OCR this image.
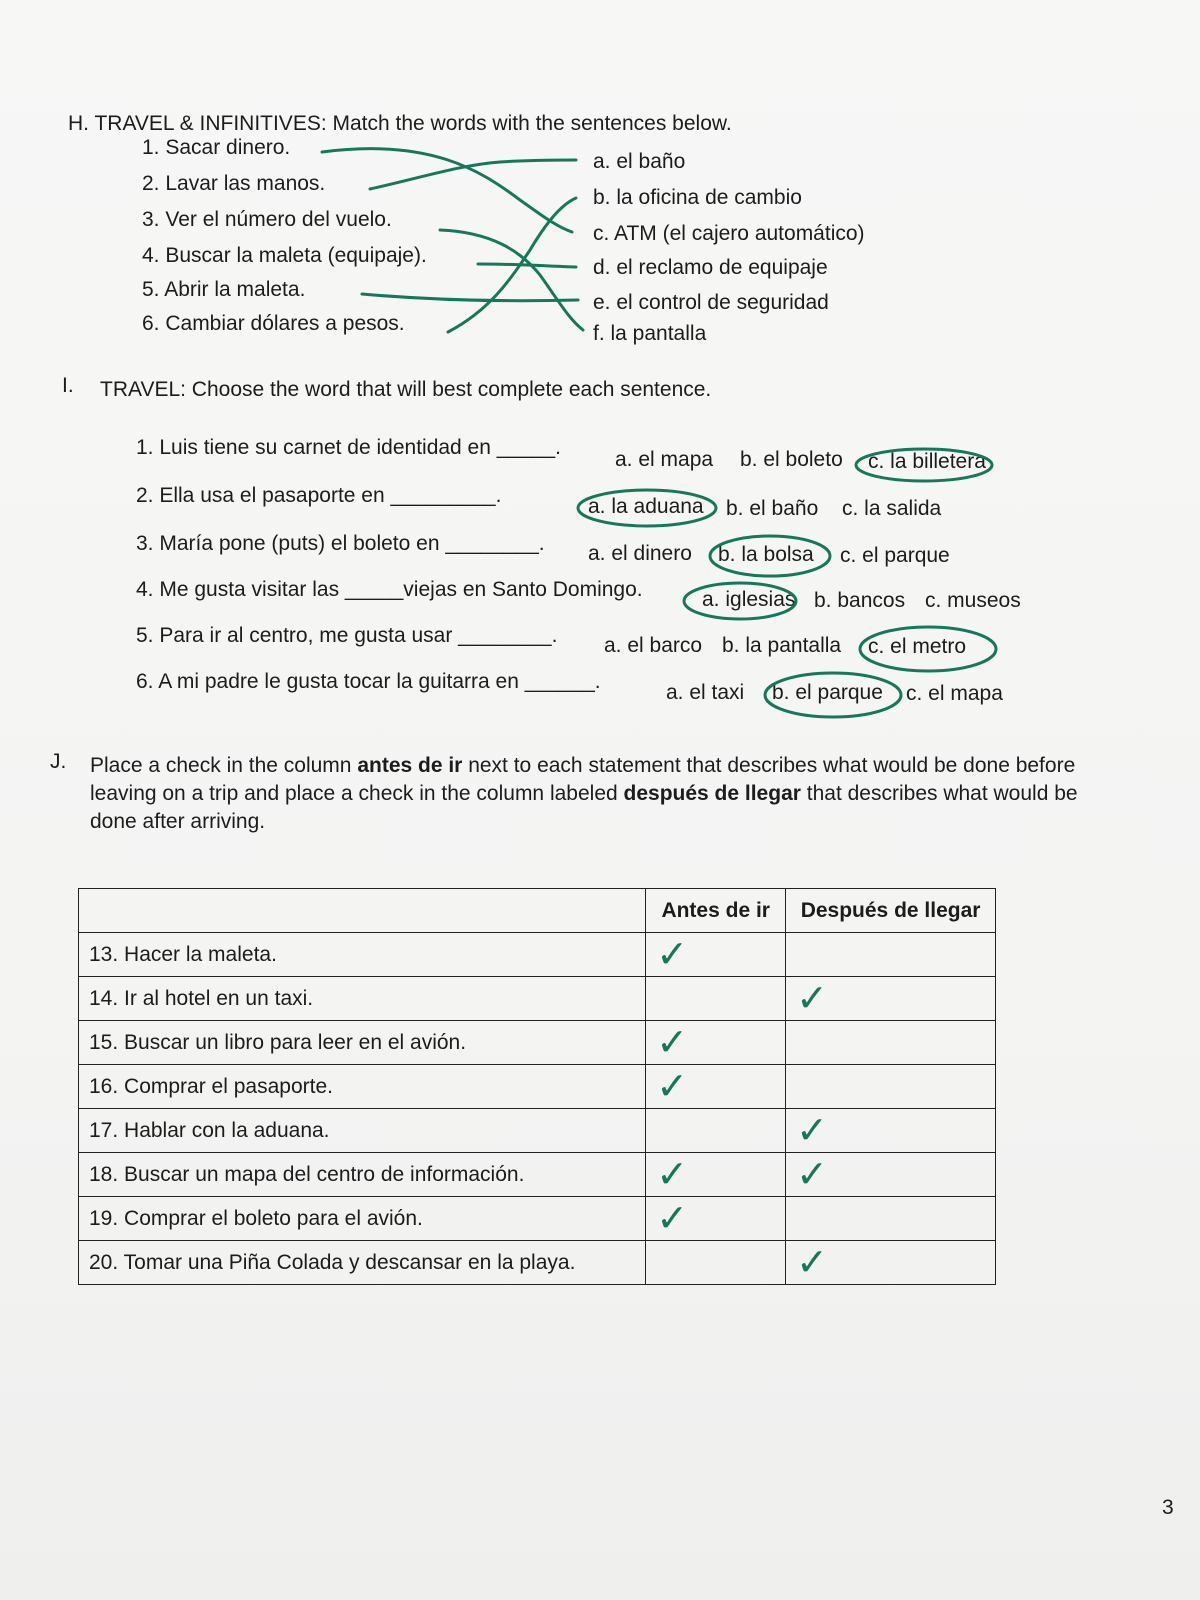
H. TRAVEL & INFINITIVES: Match the words with the sentences below.
1. Sacar dinero.
2. Lavar las manos.
3. Ver el número del vuelo.
4. Buscar la maleta (equipaje).
5. Abrir la maleta.
6. Cambiar dólares a pesos.
a. el baño
b. la oficina de cambio
c. ATM (el cajero automático)
d. el reclamo de equipaje
e. el control de seguridad
f. la pantalla
I. TRAVEL: Choose the word that will best complete each sentence.
1. Luis tiene su carnet de identidad en _____.
a. el mapa b. el boleto c. la billetera
2. Ella usa el pasaporte en _________.	a. la aduana b. el baño c. la salida
3. María pone (puts) el boleto en ________. a. el dinero b. la bolsa c. el parque
4. Me gusta visitar las _____viejas en Santo Domingo.	a. iglesias b. bancos c. museos
5. Para ir al centro, me gusta usar ________. a. el barco b. la pantalla c. el metro
6. A mi padre le gusta tocar la guitarra en ______.	a. el taxi b. el parque c. el mapa
J. Place a check in the column antes de ir next to each statement that describes what would be done before
leaving on a trip and place a check in the column labeled después de llegar that describes what would be
done after arriving.
	Antes de ir	Después de llegar
13. Hacer la maleta.	✓	
14. Ir al hotel en un taxi.		✓
15. Buscar un libro para leer en el avión.	✓	
16. Comprar el pasaporte.	✓	
17. Hablar con la aduana.		✓
18. Buscar un mapa del centro de información.	✓	✓
19. Comprar el boleto para el avión.	✓	
20. Tomar una Piña Colada y descansar en la playa.		✓
3
